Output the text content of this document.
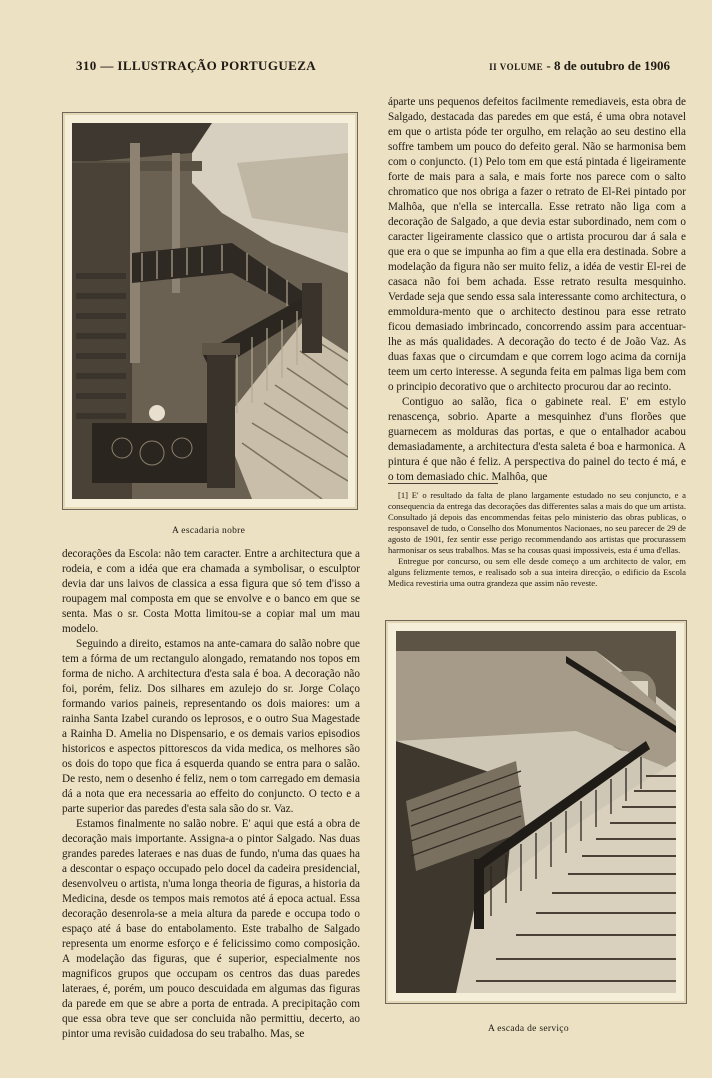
310 — ILLUSTRAÇÃO PORTUGUEZA	II VOLUME - 8 de outubro de 1906
A escadaria nobre

decorações da Escola: não tem caracter. Entre a architectura que a rodeia, e com a idéa que era chamada a symbolisar, o esculptor devia dar uns laivos de classica a essa figura que só tem d'isso a roupagem mal composta em que se envolve e o banco em que se senta. Mas o sr. Costa Motta limitou-se a copiar mal um mau modelo.

Seguindo a direito, estamos na ante-camara do salão nobre que tem a fórma de um rectangulo alongado, rematando nos topos em forma de nicho. A architectura d'esta sala é boa. A decoração não foi, porém, feliz. Dos silhares em azulejo do sr. Jorge Colaço formando varios paineis, representando os dois maiores: um a rainha Santa Izabel curando os leprosos, e o outro Sua Magestade a Rainha D. Amelia no Dispensario, e os demais varios episodios historicos e aspectos pittorescos da vida medica, os melhores são os dois do topo que fica á esquerda quando se entra para o salão. De resto, nem o desenho é feliz, nem o tom carregado em demasia dá a nota que era necessaria ao effeito do conjuncto. O tecto e a parte superior das paredes d'esta sala são do sr. Vaz.

Estamos finalmente no salão nobre. E' aqui que está a obra de decoração mais importante. Assigna-a o pintor Salgado. Nas duas grandes paredes lateraes e nas duas de fundo, n'uma das quaes ha a descontar o espaço occupado pelo docel da cadeira presidencial, desenvolveu o artista, n'uma longa theoria de figuras, a historia da Medicina, desde os tempos mais remotos até á epoca actual. Essa decoração desenrola-se a meia altura da parede e occupa todo o espaço até á base do entabolamento. Este trabalho de Salgado representa um enorme esforço e é felicissimo como composição. A modelação das figuras, que é superior, especialmente nos magnificos grupos que occupam os centros das duas paredes lateraes, é, porém, um pouco descuidada em algumas das figuras da parede em que se abre a porta de entrada. A precipitação com que essa obra teve que ser concluida não permittiu, decerto, ao pintor uma revisão cuidadosa do seu trabalho. Mas, se

áparte uns pequenos defeitos facilmente remediaveis, esta obra de Salgado, destacada das paredes em que está, é uma obra notavel em que o artista póde ter orgulho, em relação ao seu destino ella soffre tambem um pouco do defeito geral. Não se harmonisa bem com o conjuncto. (1) Pelo tom em que está pintada é ligeiramente forte de mais para a sala, e mais forte nos parece com o salto chromatico que nos obriga a fazer o retrato de El-Rei pintado por Malhôa, que n'ella se intercalla. Esse retrato não liga com a decoração de Salgado, a que devia estar subordinado, nem com o caracter ligeiramente classico que o artista procurou dar á sala e que era o que se impunha ao fim a que ella era destinada. Sobre a modelação da figura não ser muito feliz, a idéa de vestir El-rei de casaca não foi bem achada. Esse retrato resulta mesquinho. Verdade seja que sendo essa sala interessante como architectura, o emmoldura-mento que o architecto destinou para esse retrato ficou demasiado imbrincado, concorrendo assim para accentuar-lhe as más qualidades. A decoração do tecto é de João Vaz. As duas faxas que o circumdam e que correm logo acima da cornija teem um certo interesse. A segunda feita em palmas liga bem com o principio decorativo que o architecto procurou dar ao recinto.

Contiguo ao salão, fica o gabinete real. E' em estylo renascença, sobrio. Aparte a mesquinhez d'uns florões que guarnecem as molduras das portas, e que o entalhador acabou demasiadamente, a architectura d'esta saleta é boa e harmonica. A pintura é que não é feliz. A perspectiva do painel do tecto é má, e o tom demasiado chic. Malhôa, que

[1] E' o resultado da falta de plano largamente estudado no seu conjuncto, e a consequencia da entrega das decorações das differentes salas a mais do que um artista. Consultado já depois das encommendas feitas pelo ministerio das obras publicas, o responsavel de tudo, o Conselho dos Monumentos Nacionaes, no seu parecer de 29 de agosto de 1901, fez sentir esse perigo recommendando aos artistas que procurassem harmonisar os seus trabalhos. Mas se ha cousas quasi impossiveis, esta é uma d'ellas.

Entregue por concurso, ou sem elle desde começo a um architecto de valor, em alguns felizmente temos, e realisado sob a sua inteira direcção, o edificio da Escola Medica revestiria uma outra grandeza que assim não reveste.

A escada de serviço
